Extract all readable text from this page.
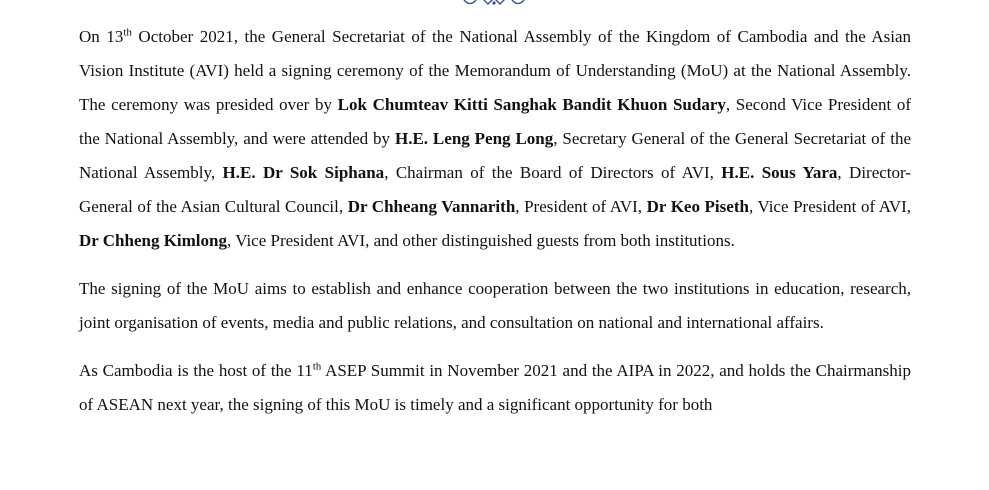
On 13th October 2021, the General Secretariat of the National Assembly of the Kingdom of Cambodia and the Asian Vision Institute (AVI) held a signing ceremony of the Memorandum of Understanding (MoU) at the National Assembly. The ceremony was presided over by Lok Chumteav Kitti Sanghak Bandit Khuon Sudary, Second Vice President of the National Assembly, and were attended by H.E. Leng Peng Long, Secretary General of the General Secretariat of the National Assembly, H.E. Dr Sok Siphana, Chairman of the Board of Directors of AVI, H.E. Sous Yara, Director-General of the Asian Cultural Council, Dr Chheang Vannarith, President of AVI, Dr Keo Piseth, Vice President of AVI, Dr Chheng Kimlong, Vice President AVI, and other distinguished guests from both institutions.

The signing of the MoU aims to establish and enhance cooperation between the two institutions in education, research, joint organisation of events, media and public relations, and consultation on national and international affairs.

As Cambodia is the host of the 11th ASEP Summit in November 2021 and the AIPA in 2022, and holds the Chairmanship of ASEAN next year, the signing of this MoU is timely and a significant opportunity for both
